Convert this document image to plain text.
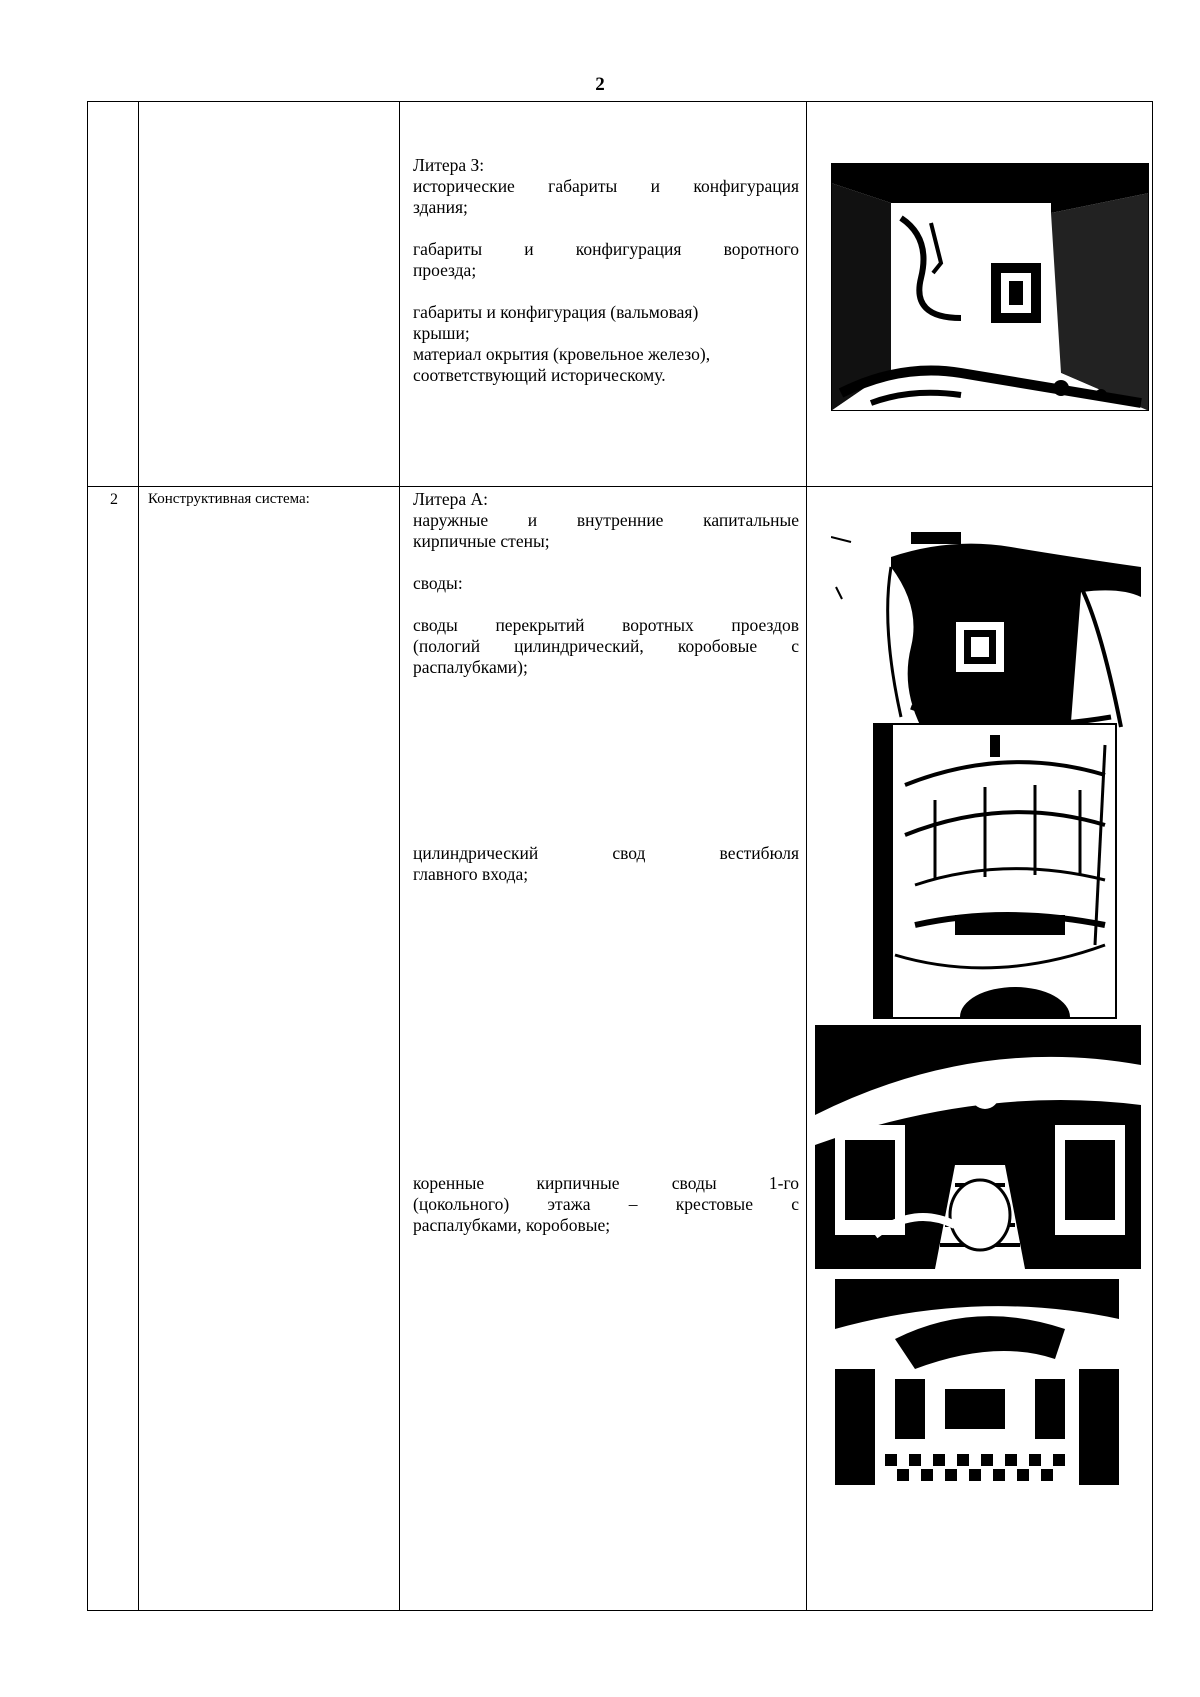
2

Литера З:

исторические габариты и конфигурация

здания;

габариты и конфигурация воротного

проезда;

габариты и конфигурация (вальмовая)

крыши;

материал окрытия (кровельное железо),

соответствующий историческому.

2	Конструктивная система:	Литера А:

наружные и внутренние капитальные

кирпичные стены;

своды:

своды перекрытий воротных проездов

(пологий цилиндрический, коробовые с

распалубками);

цилиндрический свод вестибюля

главного входа;

коренные кирпичные своды 1-го

(цокольного) этажа – крестовые с

распалубками, коробовые;
